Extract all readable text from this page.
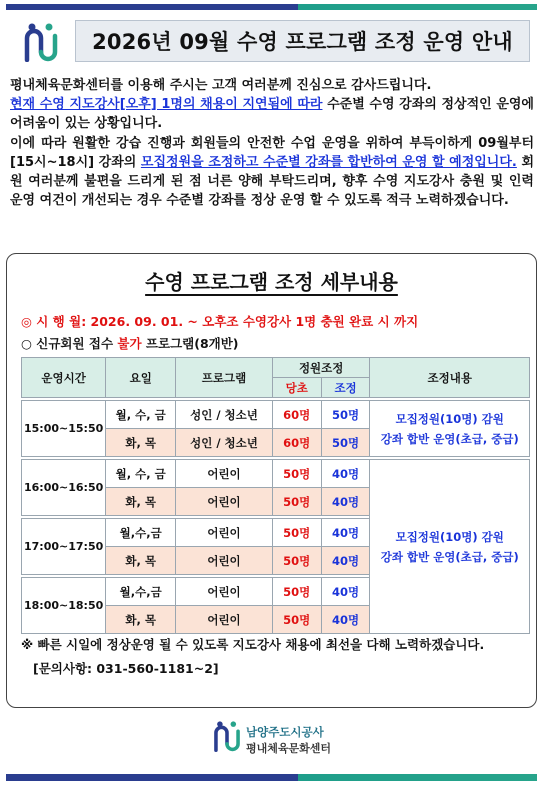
2026년 09월 수영 프로그램 조정 운영 안내

평내체육문화센터를 이용해 주시는 고객 여러분께 진심으로 감사드립니다.

현재 수영 지도강사[오후] 1명의 채용이 지연됨에 따라 수준별 수영 강좌의 정상적인 운영에 어려움이 있는 상황입니다.

이에 따라 원활한 강습 진행과 회원들의 안전한 수업 운영을 위하여 부득이하게 09월부터[15시~18시] 강좌의 모집정원을 조정하고 수준별 강좌를 합반하여 운영 할 예정입니다. 회원 여러분께 불편을 드리게 된 점 너른 양해 부탁드리며, 향후 수영 지도강사 충원 및 인력 운영 여건이 개선되는 경우 수준별 강좌를 정상 운영 할 수 있도록 적극 노력하겠습니다.

수영 프로그램 조정 세부내용
◎ 시 행 월: 2026. 09. 01. ~ 오후조 수영강사 1명 충원 완료 시 까지
○ 신규회원 접수 불가 프로그램(8개반)
운영시간	요일	프로그램	정원조정		조정내용
			당초	조정	

15:00~15:50	월, 수, 금	성인 / 청소년	60명	50명	모집정원(10명) 감원
강좌 합반 운영(초급, 중급)
	화, 목	성인 / 청소년	60명	50명	

16:00~16:50	월, 수, 금	어린이	50명	40명	모집정원(10명) 감원
강좌 합반 운영(초급, 중급)
	화, 목	어린이	50명	40명	

17:00~17:50	월,수,금	어린이	50명	40명	
	화, 목	어린이	50명	40명	

18:00~18:50	월,수,금	어린이	50명	40명	
	화, 목	어린이	50명	40명	
※ 빠른 시일에 정상운영 될 수 있도록 지도강사 채용에 최선을 다해 노력하겠습니다.
[문의사항: 031-560-1181~2]
남양주도시공사
평내체육문화센터
